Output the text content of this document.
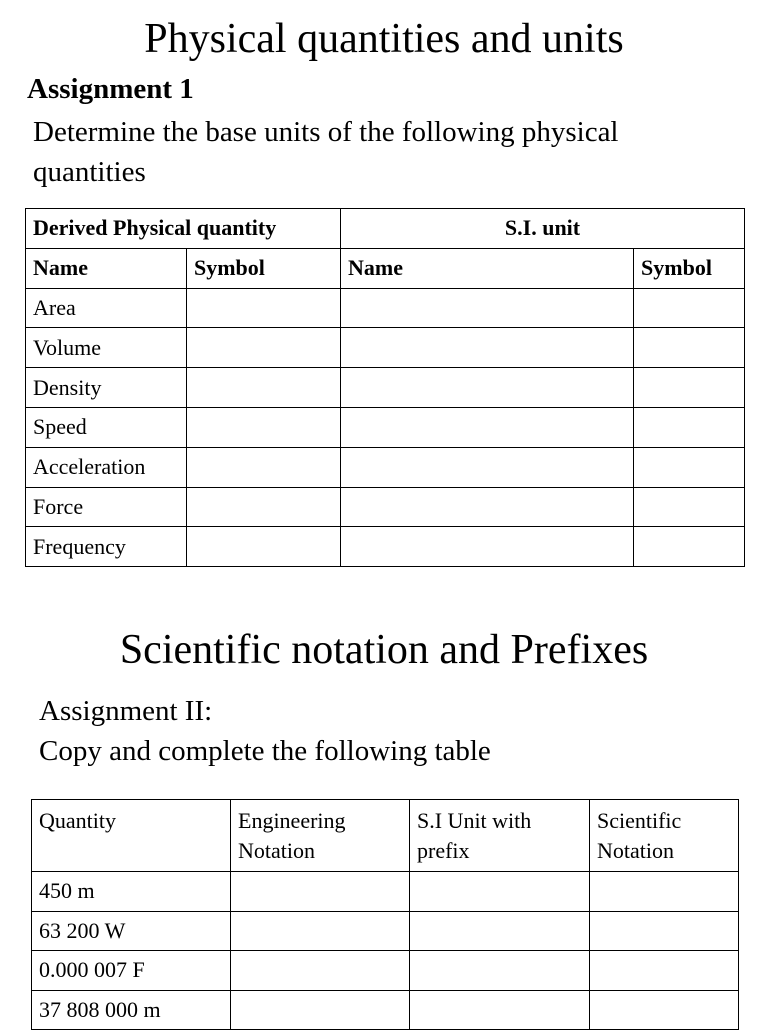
Physical quantities and units
Assignment 1
Determine the base units of the following physical quantities
Derived Physical quantity		S.I. unit	
Name	Symbol	Name	Symbol
Area			
Volume			
Density			
Speed			
Acceleration			
Force			
Frequency			
Scientific notation and Prefixes
Assignment II:
Copy and complete the following table
Quantity	Engineering Notation	S.I Unit with prefix	Scientific Notation
450 m			
63 200 W			
0.000 007 F			
37 808 000 m			
